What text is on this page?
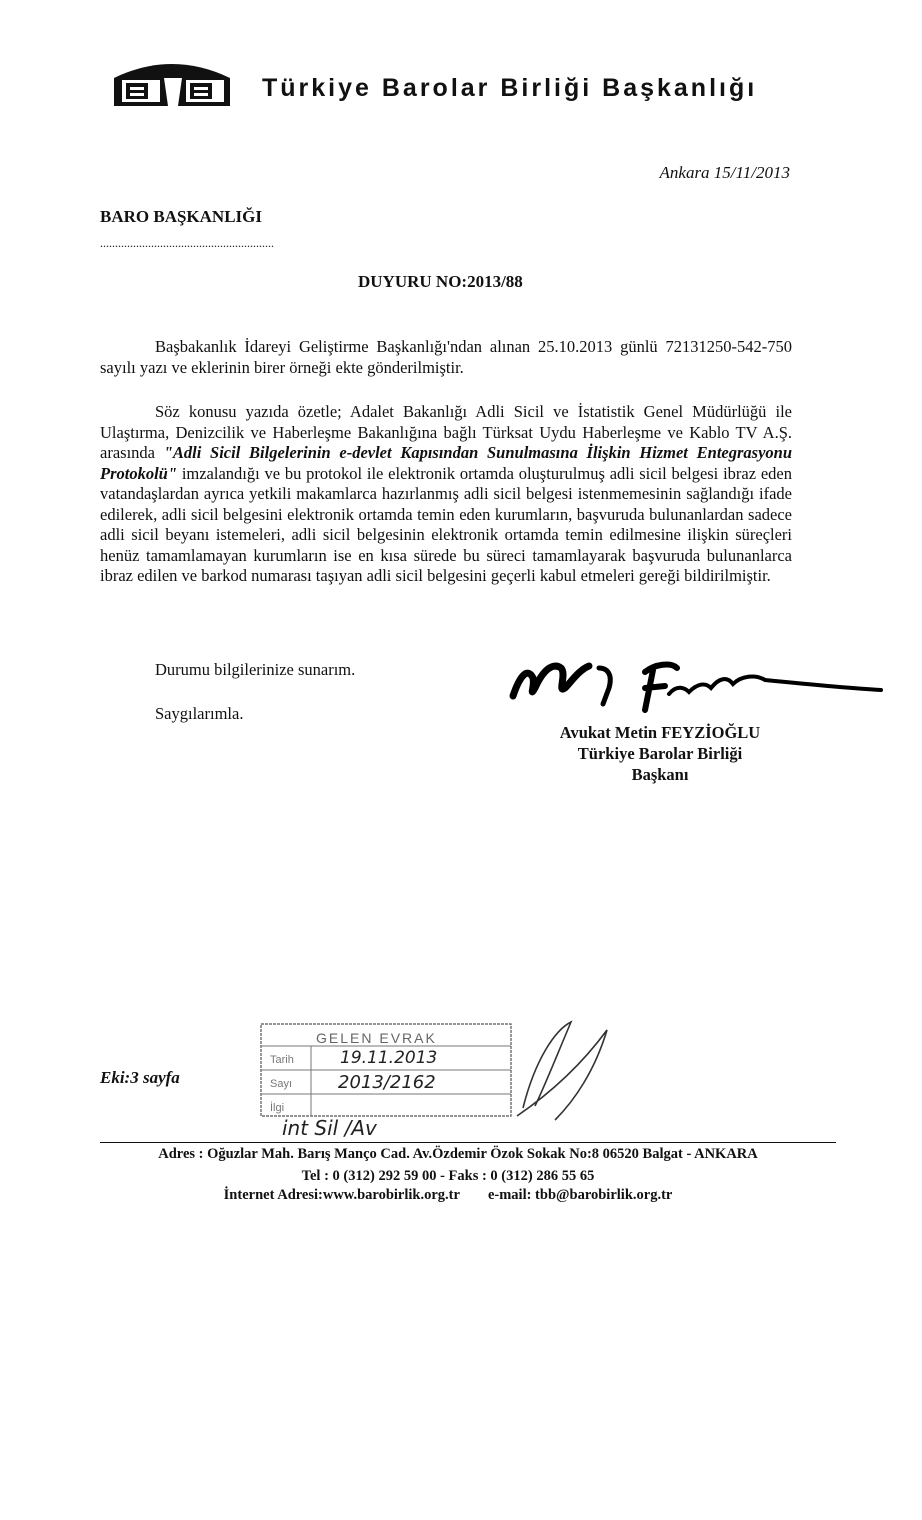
Türkiye Barolar Birliği Başkanlığı
Ankara 15/11/2013
BARO BAŞKANLIĞI
..........................................................
DUYURU NO:2013/88
Başbakanlık İdareyi Geliştirme Başkanlığı'ndan alınan 25.10.2013 günlü 72131250-542-750 sayılı yazı ve eklerinin birer örneği ekte gönderilmiştir.
Söz konusu yazıda özetle; Adalet Bakanlığı Adli Sicil ve İstatistik Genel Müdürlüğü ile Ulaştırma, Denizcilik ve Haberleşme Bakanlığına bağlı Türksat Uydu Haberleşme ve Kablo TV A.Ş. arasında "Adli Sicil Bilgelerinin e-devlet Kapısından Sunulmasına İlişkin Hizmet Entegrasyonu Protokolü" imzalandığı ve bu protokol ile elektronik ortamda oluşturulmuş adli sicil belgesi ibraz eden vatandaşlardan ayrıca yetkili makamlarca hazırlanmış adli sicil belgesi istenmemesinin sağlandığı ifade edilerek, adli sicil belgesini elektronik ortamda temin eden kurumların, başvuruda bulunanlardan sadece adli sicil beyanı istemeleri, adli sicil belgesinin elektronik ortamda temin edilmesine ilişkin süreçleri henüz tamamlamayan kurumların ise en kısa sürede bu süreci tamamlayarak başvuruda bulunanlarca ibraz edilen ve barkod numarası taşıyan adli sicil belgesini geçerli kabul etmeleri gereği bildirilmiştir.
Durumu bilgilerinize sunarım.
Saygılarımla.
Avukat Metin FEYZİOĞLU
Türkiye Barolar Birliği
Başkanı
Eki:3 sayfa
GELEN EVRAK
Tarih	19.11.2013
Sayı	2013/2162
İlgi
int Sil /Av
Adres : Oğuzlar Mah. Barış Manço Cad. Av.Özdemir Özok Sokak No:8 06520 Balgat - ANKARA
Tel : 0 (312) 292 59 00 - Faks : 0 (312) 286 55 65
İnternet Adresi:www.barobirlik.org.tr e-mail: tbb@barobirlik.org.tr
